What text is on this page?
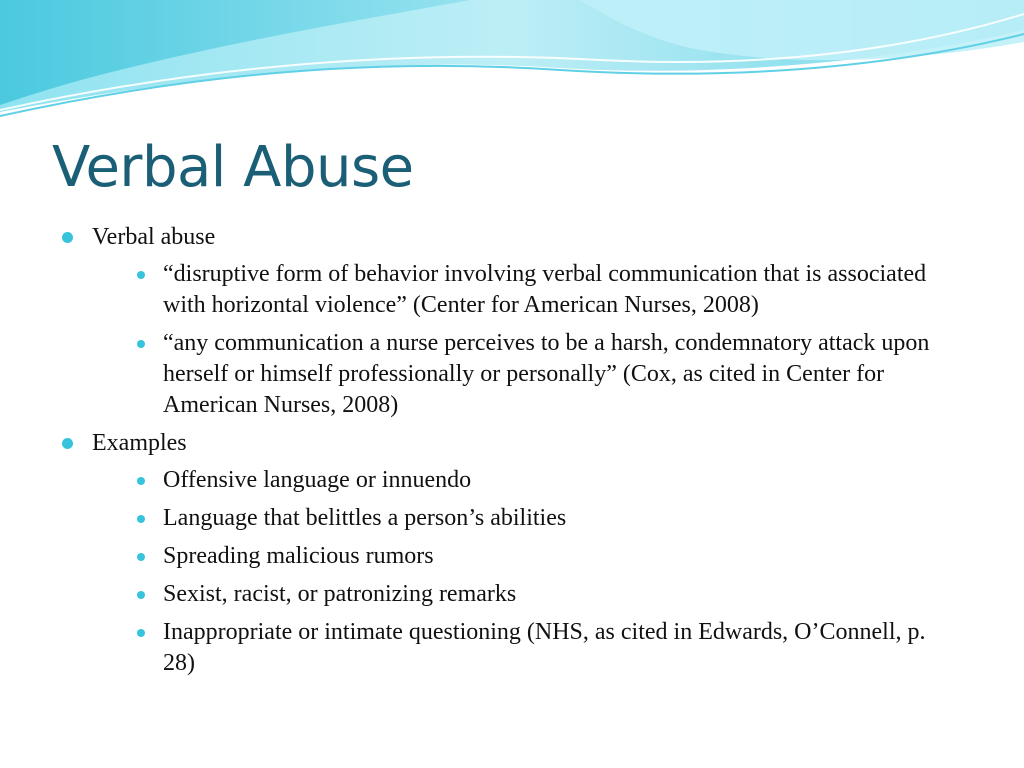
Verbal Abuse
Verbal abuse
“disruptive form of behavior involving verbal communication that is associated with horizontal violence” (Center for American Nurses, 2008)
“any communication a nurse perceives to be a harsh, condemnatory attack upon herself or himself professionally or personally” (Cox, as cited in Center for American Nurses, 2008)
Examples
Offensive language or innuendo
Language that belittles a person’s abilities
Spreading malicious rumors
Sexist, racist, or patronizing remarks
Inappropriate or intimate questioning (NHS, as cited in Edwards, O’Connell, p. 28)
